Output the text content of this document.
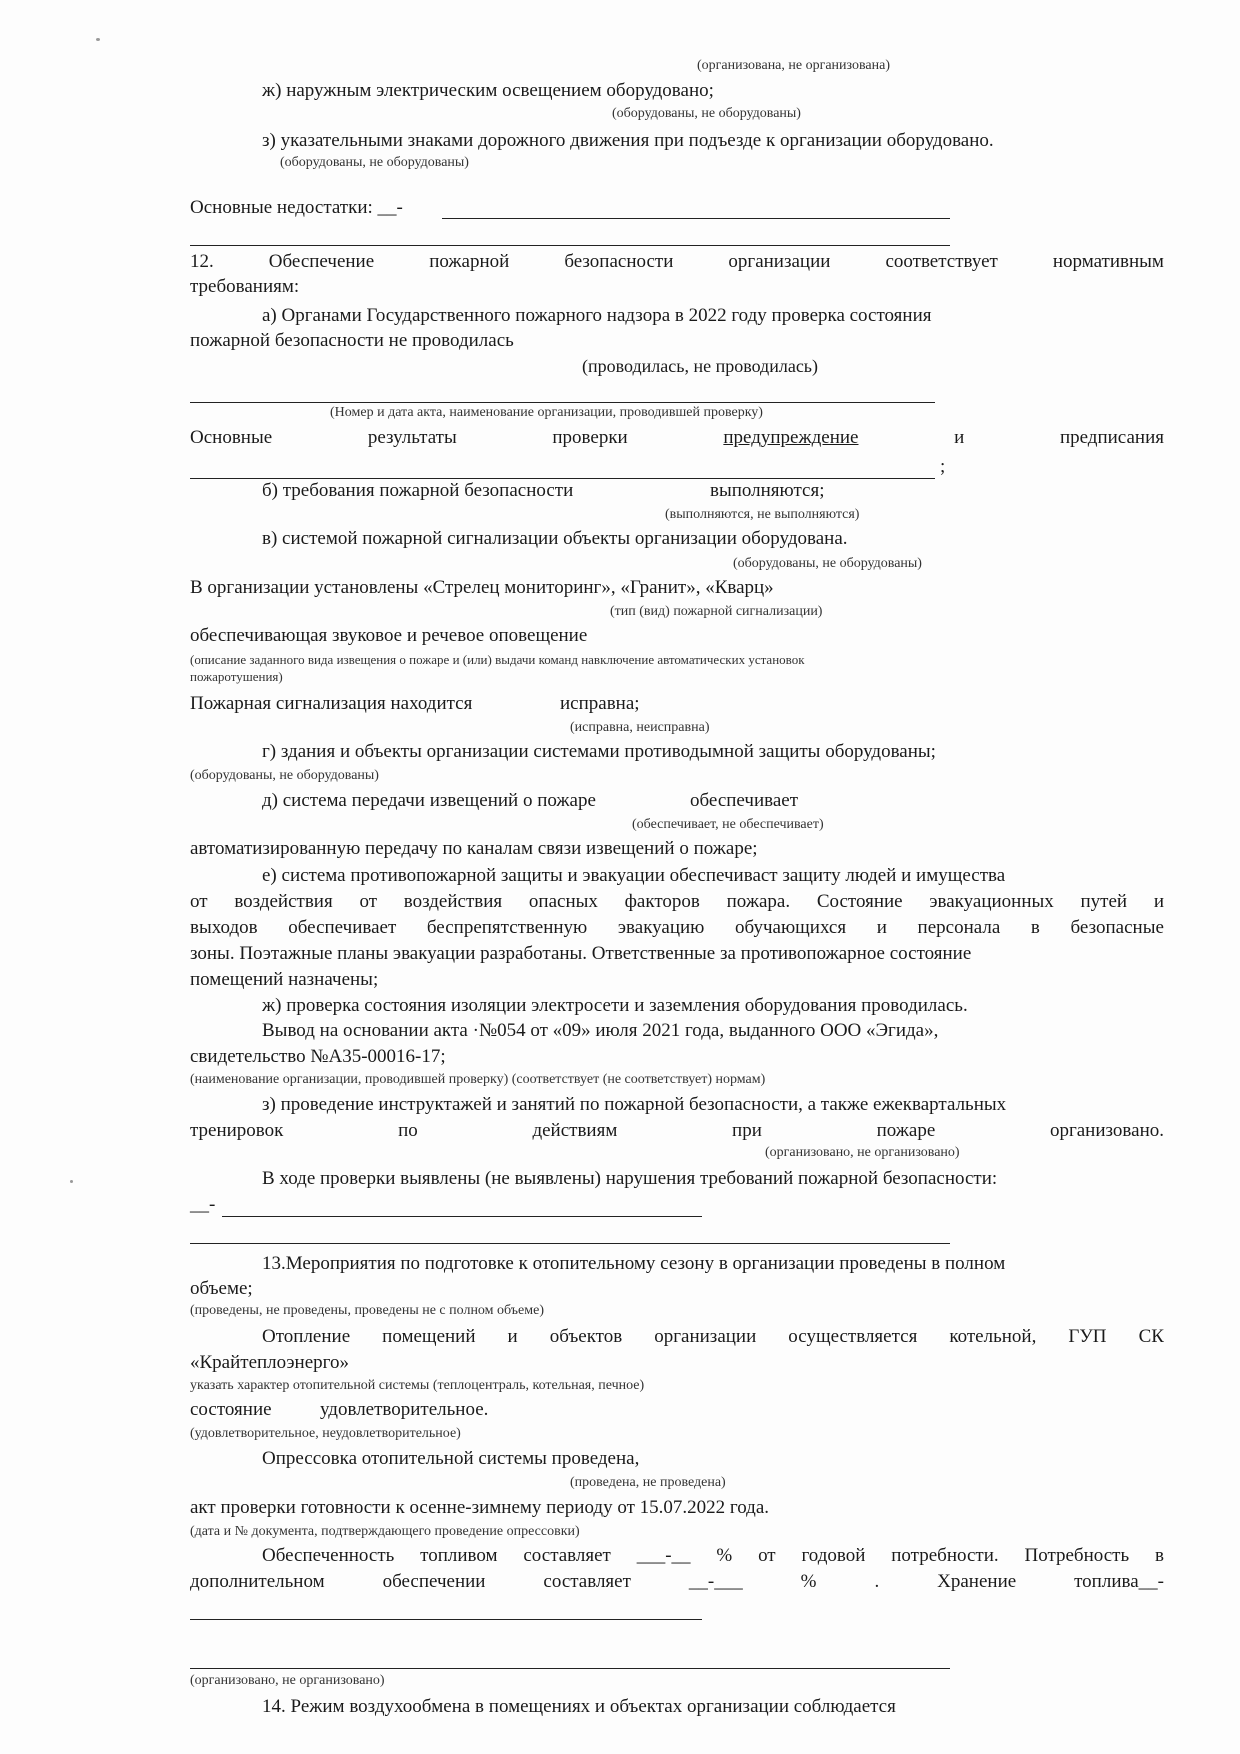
(организована, не организована)
ж) наружным электрическим освещением оборудовано;
(оборудованы, не оборудованы)
з) указательными знаками дорожного движения при подъезде к организации оборудовано.
(оборудованы, не оборудованы)
Основные недостатки: __-
12.	Обеспечение	пожарной	безопасности	организации	соответствует	нормативным
требованиям:
а) Органами Государственного пожарного надзора в 2022 году проверка состояния
пожарной безопасности не проводилась
(проводилась, не проводилась)
(Номер и дата акта, наименование организации, проводившей проверку)
Основные	результаты	проверки	предупреждение	и	предписания
;
б) требования пожарной безопасности	выполняются;
(выполняются, не выполняются)
в) системой пожарной сигнализации объекты организации оборудована.
(оборудованы, не оборудованы)
В организации установлены «Стрелец мониторинг», «Гранит», «Кварц»
(тип (вид) пожарной сигнализации)
обеспечивающая звуковое и речевое оповещение
(описание заданного вида извещения о пожаре и (или) выдачи команд навключение автоматических установок
пожаротушения)
Пожарная сигнализация находится	исправна;
(исправна, неисправна)
г) здания и объекты организации системами противодымной защиты оборудованы;
(оборудованы, не оборудованы)
д) система передачи извещений о пожаре	обеспечивает
(обеспечивает, не обеспечивает)
автоматизированную передачу по каналам связи извещений о пожаре;
е) система противопожарной защиты и эвакуации обеспечиваст защиту людей и имущества
от воздействия от воздействия опасных факторов пожара. Состояние эвакуационных путей и
выходов обеспечивает беспрепятственную эвакуацию обучающихся и персонала в безопасные
зоны. Поэтажные планы эвакуации разработаны. Ответственные за противопожарное состояние
помещений назначены;
ж) проверка состояния изоляции электросети и заземления оборудования проводилась.
Вывод на основании акта ·№054 от «09» июля 2021 года, выданного ООО «Эгида»,
свидетельство №А35-00016-17;
(наименование организации, проводившей проверку) (соответствует (не соответствует) нормам)
з) проведение инструктажей и занятий по пожарной безопасности, а также ежеквартальных
тренировок	по	действиям	при	пожаре	организовано.
(организовано, не организовано)
В ходе проверки выявлены (не выявлены) нарушения требований пожарной безопасности:
__-
13.Мероприятия по подготовке к отопительному сезону в организации проведены в полном
объеме;
(проведены, не проведены, проведены не с полном объеме)
Отопление помещений и объектов организации осуществляется котельной, ГУП СК
«Крайтеплоэнерго»
указать характер отопительной системы (теплоцентраль, котельная, печное)
состояние	удовлетворительное.
(удовлетворительное, неудовлетворительное)
Опрессовка отопительной системы проведена,
(проведена, не проведена)
акт проверки готовности к осенне-зимнему периоду от 15.07.2022 года.
(дата и № документа, подтверждающего проведение опрессовки)
Обеспеченность топливом составляет ___-__ % от годовой потребности. Потребность в
дополнительном	обеспечении	составляет	__-___	%	.	Хранение	топлива__-
(организовано, не организовано)
14. Режим воздухообмена в помещениях и объектах организации соблюдается
